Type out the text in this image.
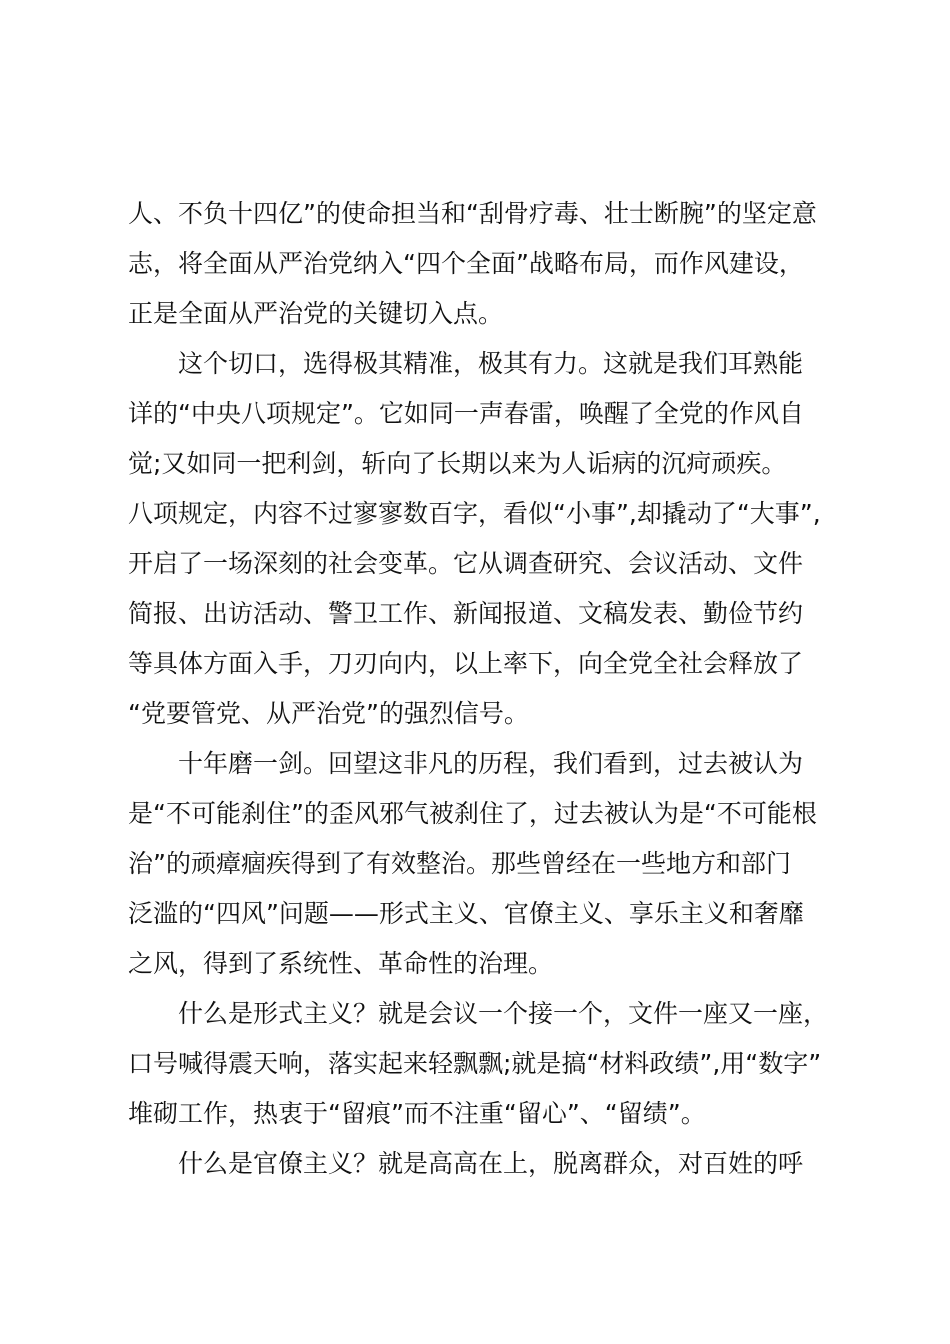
人、不负十四亿”的使命担当和“刮骨疗毒、壮士断腕”的坚定意
志，将全面从严治党纳入“四个全面”战略布局，而作风建设，
正是全面从严治党的关键切入点。
这个切口，选得极其精准，极其有力。这就是我们耳熟能
详的“中央八项规定”。它如同一声春雷，唤醒了全党的作风自
觉;又如同一把利剑，斩向了长期以来为人诟病的沉疴顽疾。
八项规定，内容不过寥寥数百字，看似“小事”,却撬动了“大事”,
开启了一场深刻的社会变革。它从调查研究、会议活动、文件
简报、出访活动、警卫工作、新闻报道、文稿发表、勤俭节约
等具体方面入手，刀刃向内，以上率下，向全党全社会释放了
“党要管党、从严治党”的强烈信号。
十年磨一剑。回望这非凡的历程，我们看到，过去被认为
是“不可能刹住”的歪风邪气被刹住了，过去被认为是“不可能根
治”的顽瘴痼疾得到了有效整治。那些曾经在一些地方和部门
泛滥的“四风”问题——形式主义、官僚主义、享乐主义和奢靡
之风，得到了系统性、革命性的治理。
什么是形式主义？就是会议一个接一个，文件一座又一座，
口号喊得震天响，落实起来轻飘飘;就是搞“材料政绩”,用“数字”
堆砌工作，热衷于“留痕”而不注重“留心”、“留绩”。
什么是官僚主义？就是高高在上，脱离群众，对百姓的呼
